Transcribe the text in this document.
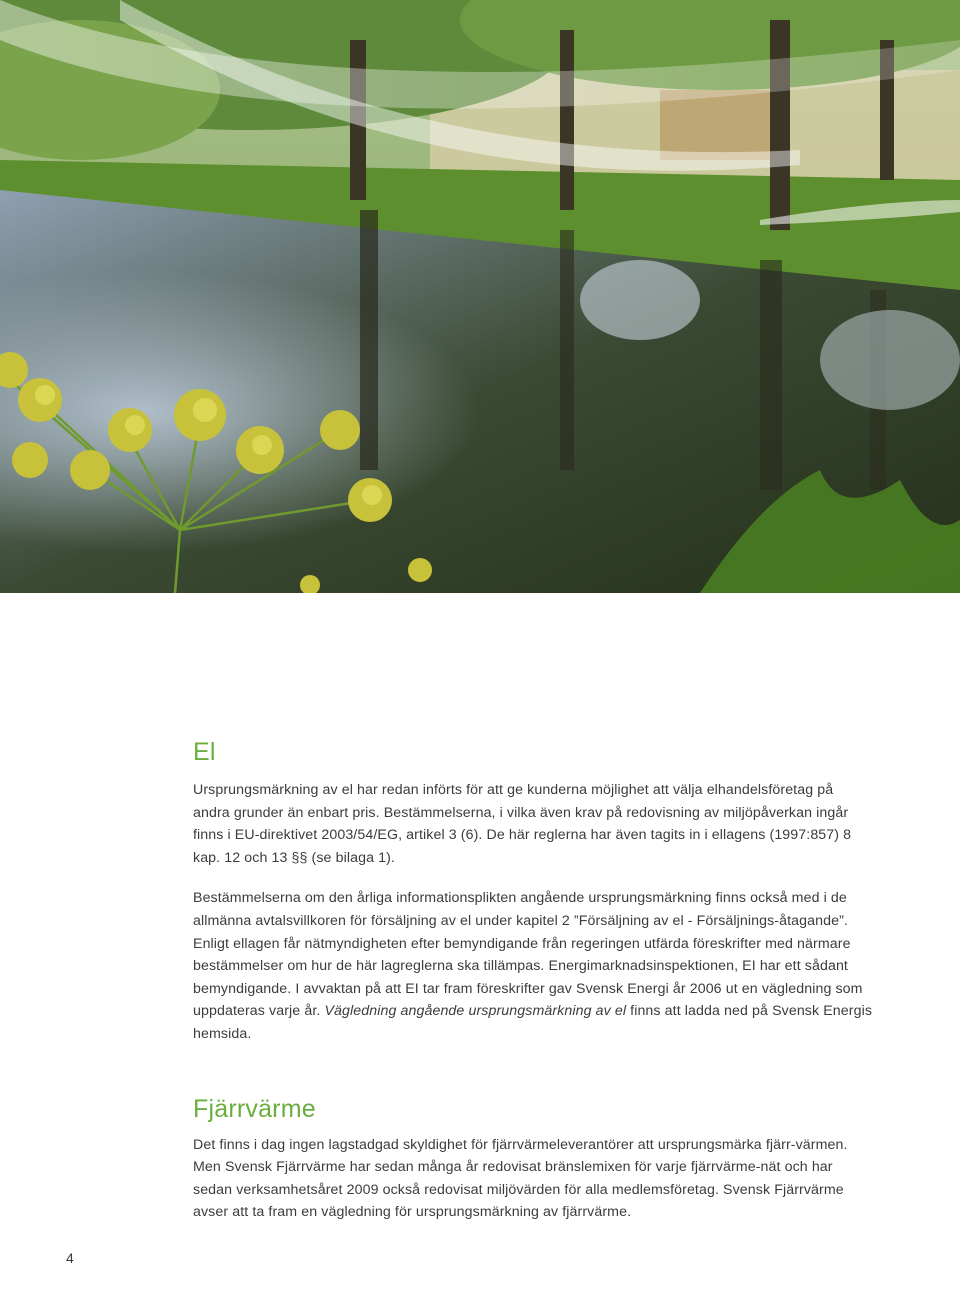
El

Ursprungsmärkning av el har redan införts för att ge kunderna möjlighet att välja elhandelsföretag på andra grunder än enbart pris. Bestämmelserna, i vilka även krav på redovisning av miljöpåverkan ingår finns i EU-direktivet 2003/54/EG, artikel 3 (6). De här reglerna har även tagits in i ellagens (1997:857) 8 kap. 12 och 13 §§ (se bilaga 1).

Bestämmelserna om den årliga informationsplikten angående ursprungsmärkning finns också med i de allmänna avtalsvillkoren för försäljning av el under kapitel 2 ”Försäljning av el - Försäljnings-åtagande”. Enligt ellagen får nätmyndigheten efter bemyndigande från regeringen utfärda föreskrifter med närmare bestämmelser om hur de här lagreglerna ska tillämpas. Energimarknadsinspektionen, EI har ett sådant bemyndigande. I avvaktan på att EI tar fram föreskrifter gav Svensk Energi år 2006 ut en vägledning som uppdateras varje år. Vägledning angående ursprungsmärkning av el finns att ladda ned på Svensk Energis hemsida.

Fjärrvärme

Det finns i dag ingen lagstadgad skyldighet för fjärrvärmeleverantörer att ursprungsmärka fjärr-värmen. Men Svensk Fjärrvärme har sedan många år redovisat bränslemixen för varje fjärrvärme-nät och har sedan verksamhetsåret 2009 också redovisat miljövärden för alla medlemsföretag. Svensk Fjärrvärme avser att ta fram en vägledning för ursprungsmärkning av fjärrvärme.

4
